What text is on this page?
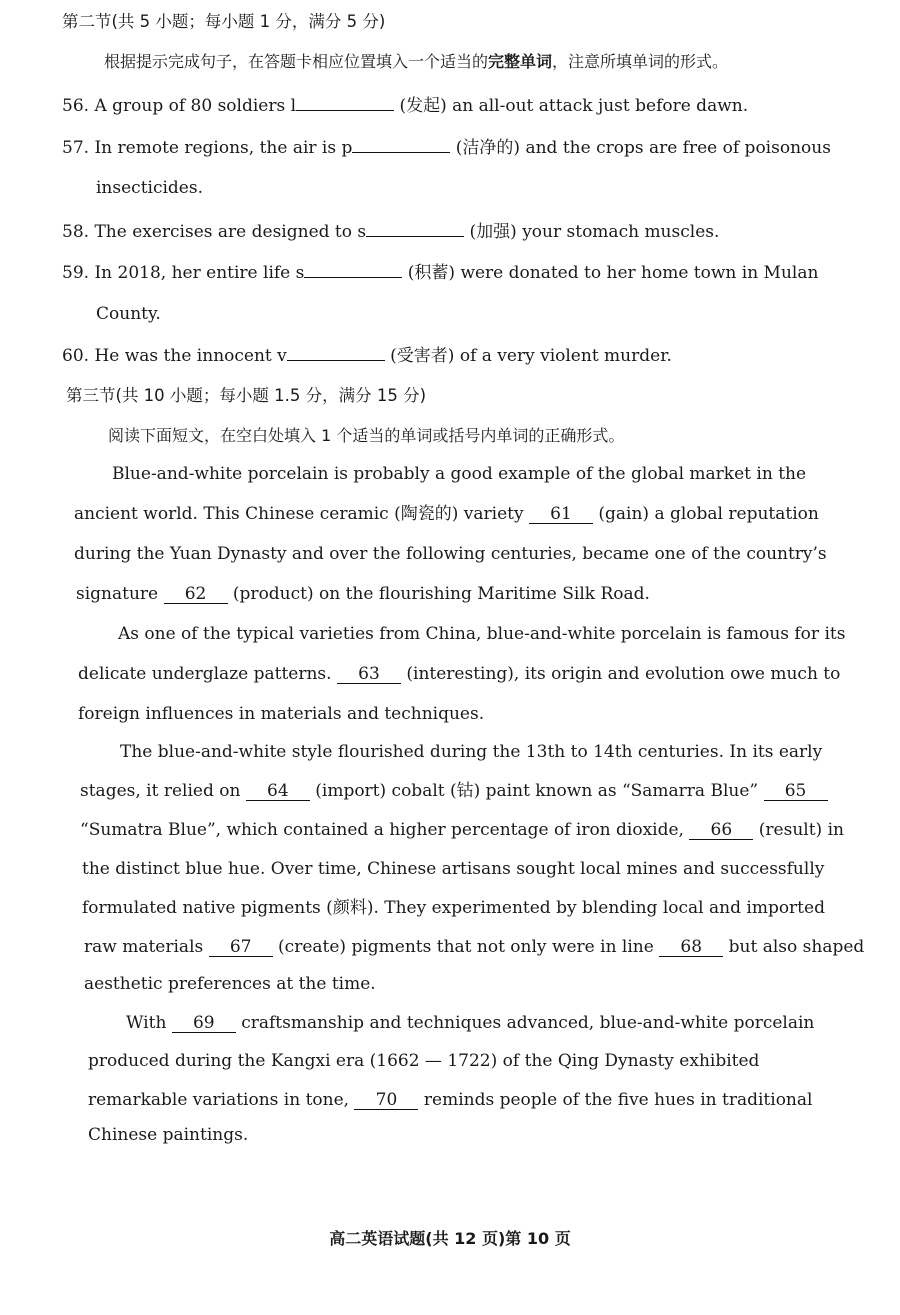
第二节(共 5 小题；每小题 1 分，满分 5 分)
根据提示完成句子，在答题卡相应位置填入一个适当的完整单词，注意所填单词的形式。
56. A group of 80 soldiers l	(发起) an all-out attack just before dawn.
57. In remote regions, the air is p	(洁净的) and the crops are free of poisonous
insecticides.
58. The exercises are designed to s	(加强) your stomach muscles.
59. In 2018, her entire life s	(积蓄) were donated to her home town in Mulan
County.
60. He was the innocent v	(受害者) of a very violent murder.
第三节(共 10 小题；每小题 1.5 分，满分 15 分)
阅读下面短文，在空白处填入 1 个适当的单词或括号内单词的正确形式。
Blue-and-white porcelain is probably a good example of the global market in the
ancient world. This Chinese ceramic (陶瓷的) variety 61 (gain) a global reputation
during the Yuan Dynasty and over the following centuries, became one of the country’s
signature 62 (product) on the flourishing Maritime Silk Road.
As one of the typical varieties from China, blue-and-white porcelain is famous for its
delicate underglaze patterns. 63 (interesting), its origin and evolution owe much to
foreign influences in materials and techniques.
The blue-and-white style flourished during the 13th to 14th centuries. In its early
stages, it relied on 64 (import) cobalt (钴) paint known as “Samarra Blue” 65
“Sumatra Blue”, which contained a higher percentage of iron dioxide, 66 (result) in
the distinct blue hue. Over time, Chinese artisans sought local mines and successfully
formulated native pigments (颜料). They experimented by blending local and imported
raw materials 67 (create) pigments that not only were in line 68 but also shaped
aesthetic preferences at the time.
With 69 craftsmanship and techniques advanced, blue-and-white porcelain
produced during the Kangxi era (1662 — 1722) of the Qing Dynasty exhibited
remarkable variations in tone, 70 reminds people of the five hues in traditional
Chinese paintings.
高二英语试题(共 12 页)第 10 页
